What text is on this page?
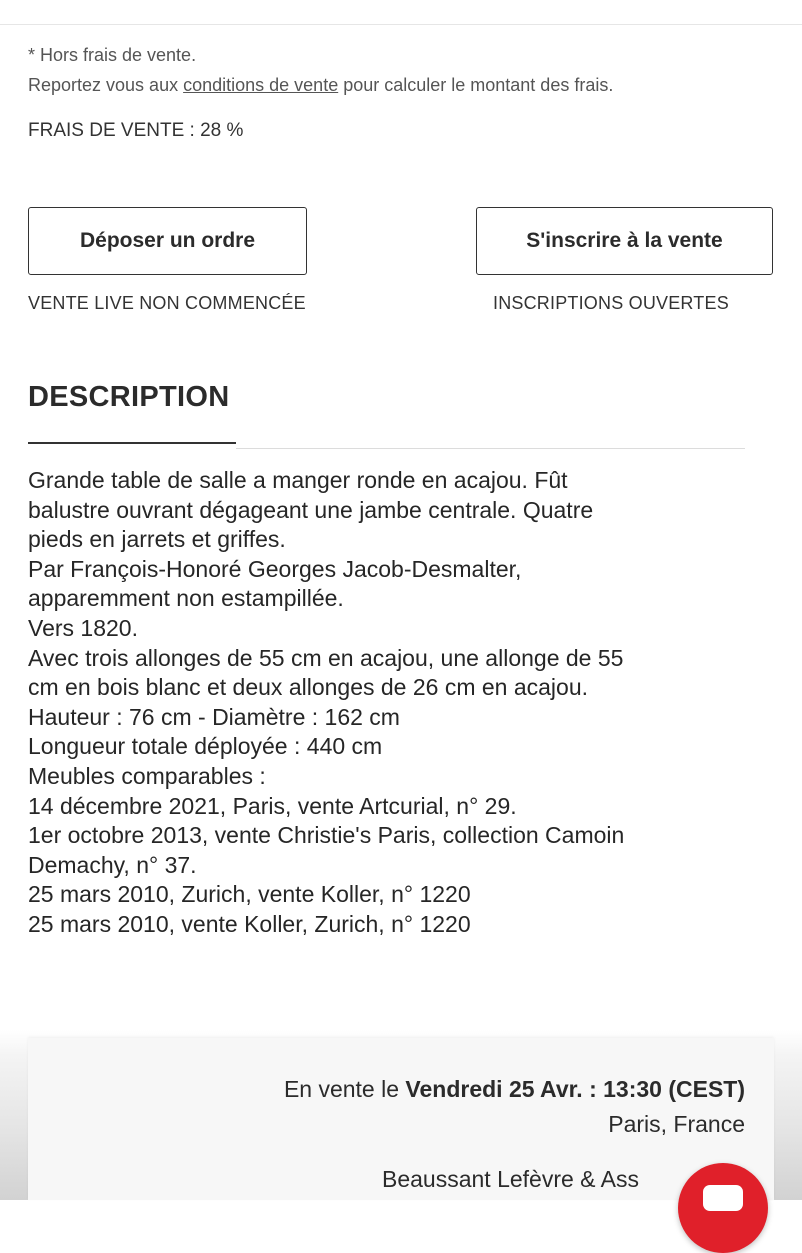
* Hors frais de vente.
Reportez vous aux conditions de vente pour calculer le montant des frais.
FRAIS DE VENTE : 28 %
Déposer un ordre	S'inscrire à la vente
VENTE LIVE NON COMMENCÉE	INSCRIPTIONS OUVERTES
DESCRIPTION
Grande table de salle a manger ronde en acajou. Fût
balustre ouvrant dégageant une jambe centrale. Quatre
pieds en jarrets et griffes.
Par François-Honoré Georges Jacob-Desmalter,
apparemment non estampillée.
Vers 1820.
Avec trois allonges de 55 cm en acajou, une allonge de 55
cm en bois blanc et deux allonges de 26 cm en acajou.
Hauteur : 76 cm - Diamètre : 162 cm
Longueur totale déployée : 440 cm
Meubles comparables :
14 décembre 2021, Paris, vente Artcurial, n° 29.
1er octobre 2013, vente Christie's Paris, collection Camoin
Demachy, n° 37.
25 mars 2010, Zurich, vente Koller, n° 1220
25 mars 2010, vente Koller, Zurich, n° 1220
En vente le Vendredi 25 Avr. : 13:30 (CEST)
Paris, France
Beaussant Lefèvre & Ass
